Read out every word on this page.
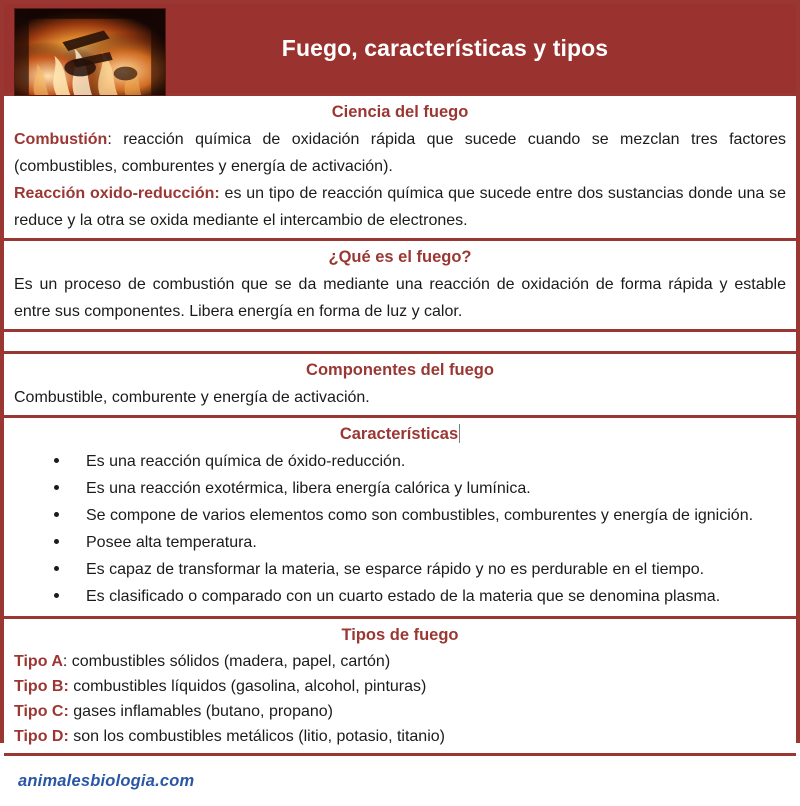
Fuego, características y tipos
Ciencia del fuego

Combustión: reacción química de oxidación rápida que sucede cuando se mezclan tres factores (combustibles, comburentes y energía de activación).

Reacción oxido-reducción: es un tipo de reacción química que sucede entre dos sustancias donde una se reduce y la otra se oxida mediante el intercambio de electrones.

¿Qué es el fuego?

Es un proceso de combustión que se da mediante una reacción de oxidación de forma rápida y estable entre sus componentes. Libera energía en forma de luz y calor.

Componentes del fuego
Combustible, comburente y energía de activación.
Características
Es una reacción química de óxido-reducción.
Es una reacción exotérmica, libera energía calórica y lumínica.
Se compone de varios elementos como son combustibles, comburentes y energía de ignición.
Posee alta temperatura.
Es capaz de transformar la materia, se esparce rápido y no es perdurable en el tiempo.
Es clasificado o comparado con un cuarto estado de la materia que se denomina plasma.
Tipos de fuego
Tipo A: combustibles sólidos (madera, papel, cartón)
Tipo B: combustibles líquidos (gasolina, alcohol, pinturas)
Tipo C: gases inflamables (butano, propano)
Tipo D: son los combustibles metálicos (litio, potasio, titanio)
animalesbiologia.com
